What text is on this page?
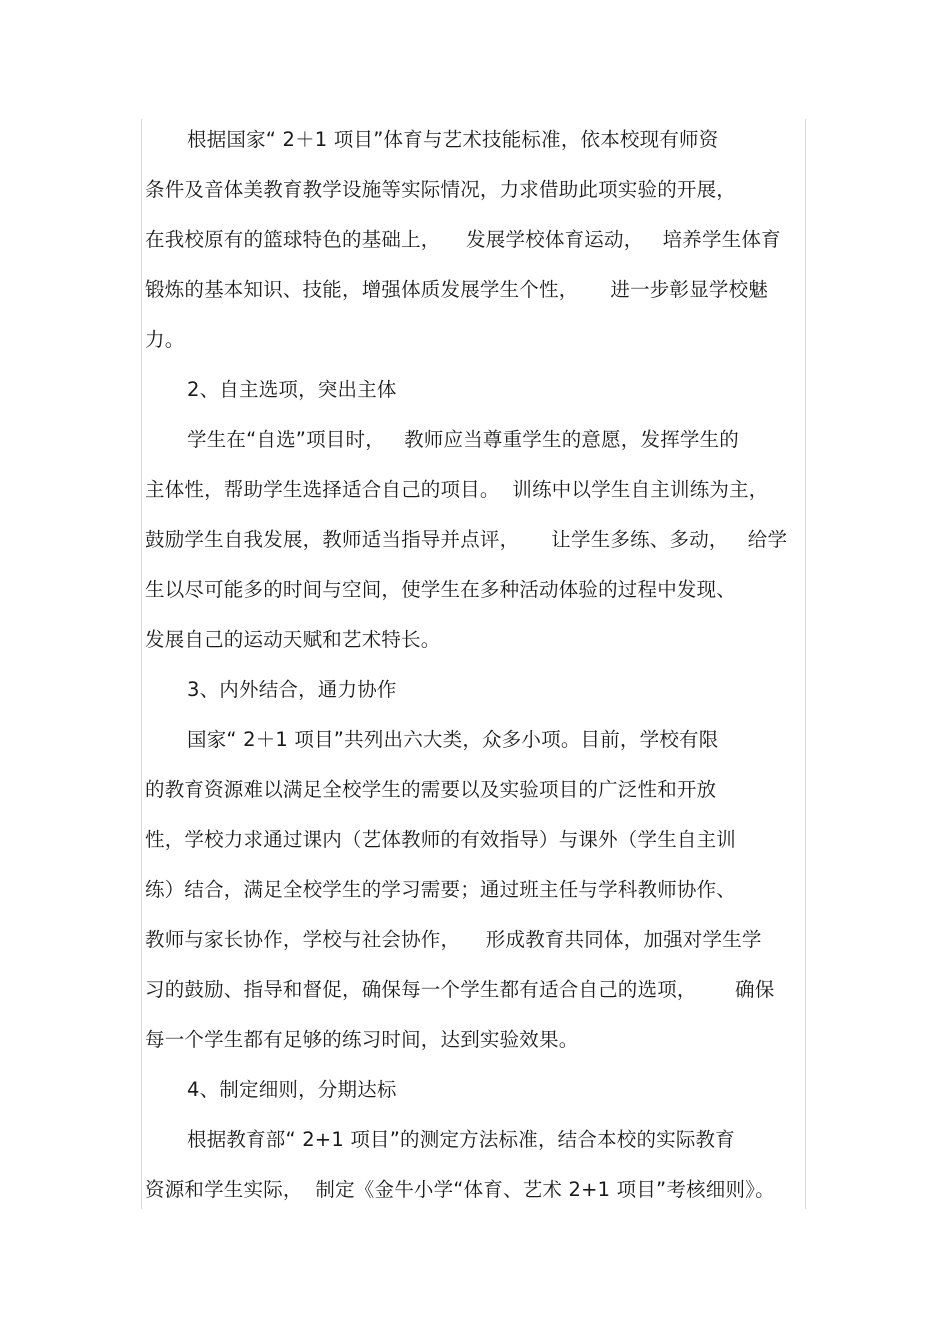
根据国家“ 2＋1 项目”体育与艺术技能标准，依本校现有师资
条件及音体美教育教学设施等实际情况，力求借助此项实验的开展，
在我校原有的篮球特色的基础上，    发展学校体育运动，   培养学生体育
锻炼的基本知识、技能，增强体质发展学生个性，     进一步彰显学校魅
力。
2、自主选项，突出主体
学生在“自选”项目时，   教师应当尊重学生的意愿，发挥学生的
主体性，帮助学生选择适合自己的项目。  训练中以学生自主训练为主，
鼓励学生自我发展，教师适当指导并点评，     让学生多练、多动，   给学
生以尽可能多的时间与空间，使学生在多种活动体验的过程中发现、
发展自己的运动天赋和艺术特长。
3、内外结合，通力协作
国家“ 2＋1 项目”共列出六大类，众多小项。目前，学校有限
的教育资源难以满足全校学生的需要以及实验项目的广泛性和开放
性，学校力求通过课内（艺体教师的有效指导）与课外（学生自主训
练）结合，满足全校学生的学习需要；通过班主任与学科教师协作、
教师与家长协作，学校与社会协作，    形成教育共同体，加强对学生学
习的鼓励、指导和督促，确保每一个学生都有适合自己的选项，      确保
每一个学生都有足够的练习时间，达到实验效果。
4、制定细则，分期达标
根据教育部“ 2+1 项目”的测定方法标准，结合本校的实际教育
资源和学生实际，  制定《金牛小学“体育、艺术 2+1 项目”考核细则》。
